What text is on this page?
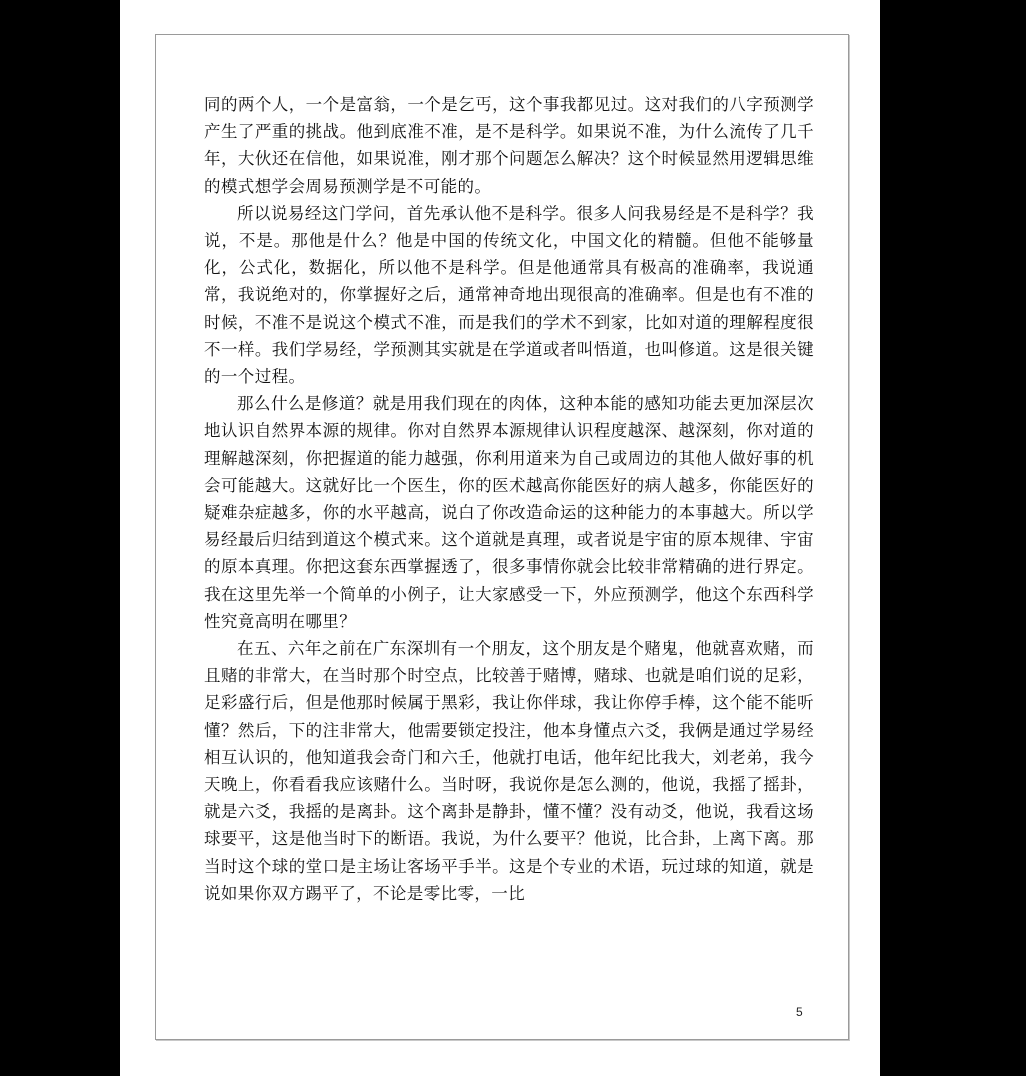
同的两个人，一个是富翁，一个是乞丐，这个事我都见过。这对我们的八字预测学产生了严重的挑战。他到底准不准，是不是科学。如果说不准，为什么流传了几千年，大伙还在信他，如果说准，刚才那个问题怎么解决？这个时候显然用逻辑思维的模式想学会周易预测学是不可能的。

所以说易经这门学问，首先承认他不是科学。很多人问我易经是不是科学？我说，不是。那他是什么？他是中国的传统文化，中国文化的精髓。但他不能够量化，公式化，数据化，所以他不是科学。但是他通常具有极高的准确率，我说通常，我说绝对的，你掌握好之后，通常神奇地出现很高的准确率。但是也有不准的时候，不准不是说这个模式不准，而是我们的学术不到家，比如对道的理解程度很不一样。我们学易经，学预测其实就是在学道或者叫悟道，也叫修道。这是很关键的一个过程。

那么什么是修道？就是用我们现在的肉体，这种本能的感知功能去更加深层次地认识自然界本源的规律。你对自然界本源规律认识程度越深、越深刻，你对道的理解越深刻，你把握道的能力越强，你利用道来为自己或周边的其他人做好事的机会可能越大。这就好比一个医生，你的医术越高你能医好的病人越多，你能医好的疑难杂症越多，你的水平越高，说白了你改造命运的这种能力的本事越大。所以学易经最后归结到道这个模式来。这个道就是真理，或者说是宇宙的原本规律、宇宙的原本真理。你把这套东西掌握透了，很多事情你就会比较非常精确的进行界定。我在这里先举一个简单的小例子，让大家感受一下，外应预测学，他这个东西科学性究竟高明在哪里？

在五、六年之前在广东深圳有一个朋友，这个朋友是个赌鬼，他就喜欢赌，而且赌的非常大，在当时那个时空点，比较善于赌博，赌球、也就是咱们说的足彩，足彩盛行后，但是他那时候属于黑彩，我让你伴球，我让你停手棒，这个能不能听懂？然后，下的注非常大，他需要锁定投注，他本身懂点六爻，我俩是通过学易经相互认识的，他知道我会奇门和六壬，他就打电话，他年纪比我大，刘老弟，我今天晚上，你看看我应该赌什么。当时呀，我说你是怎么测的，他说，我摇了摇卦，就是六爻，我摇的是离卦。这个离卦是静卦，懂不懂？没有动爻，他说，我看这场球要平，这是他当时下的断语。我说，为什么要平？他说，比合卦，上离下离。那当时这个球的堂口是主场让客场平手半。这是个专业的术语，玩过球的知道，就是说如果你双方踢平了，不论是零比零，一比

5
